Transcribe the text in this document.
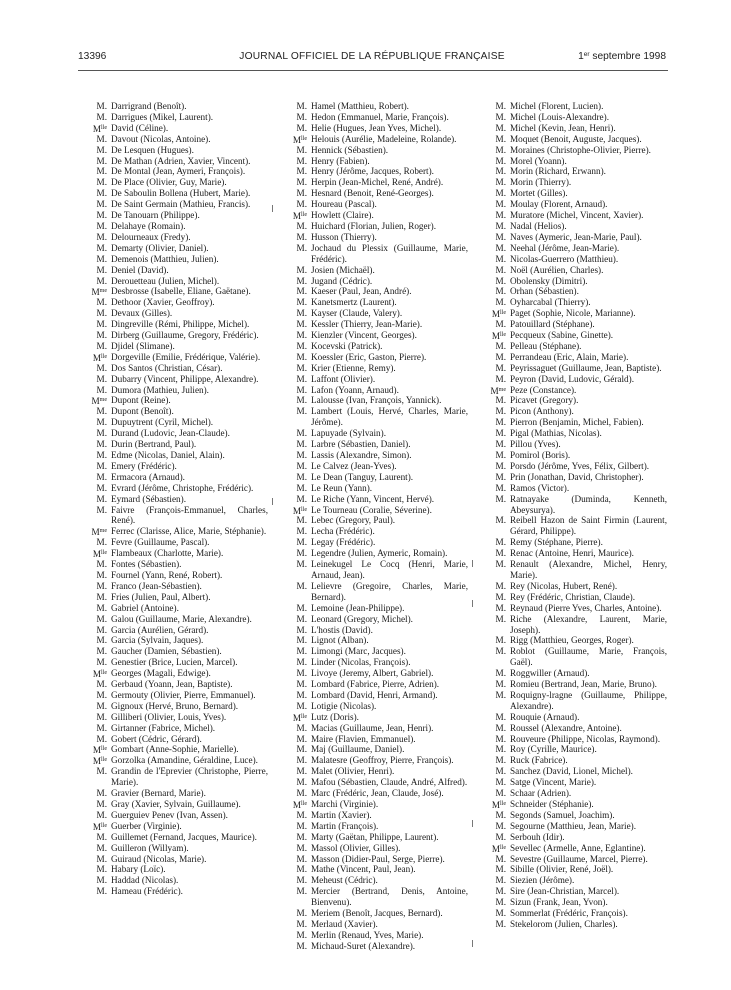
13396	JOURNAL OFFICIEL DE LA RÉPUBLIQUE FRANÇAISE	1er septembre 1998
M. Darrigrand (Benoît).
M. Darrigues (Mikel, Laurent).
$M^{lle}$ David (Céline).
M. Davout (Nicolas, Antoine).
M. De Lesquen (Hugues).
M. De Mathan (Adrien, Xavier, Vincent).
M. De Montal (Jean, Aymeri, François).
M. De Place (Olivier, Guy, Marie).
M. De Saboulin Bollena (Hubert, Marie).
M. De Saint Germain (Mathieu, Francis).
M. De Tanouarn (Philippe).
M. Delahaye (Romain).
M. Delourneaux (Fredy).
M. Demarty (Olivier, Daniel).
M. Demenois (Matthieu, Julien).
M. Deniel (David).
M. Derouetteau (Julien, Michel).
$M^{me}$ Desbrosse (Isabelle, Eliane, Gaëtane).
M. Dethoor (Xavier, Geoffroy).
M. Devaux (Gilles).
M. Dingreville (Rémi, Philippe, Michel).
M. Dirberg (Guillaume, Gregory, Frédéric).
M. Djidel (Slimane).
$M^{lle}$ Dorgeville (Emilie, Frédérique, Valérie).
M. Dos Santos (Christian, César).
M. Dubarry (Vincent, Philippe, Alexandre).
M. Dumora (Mathieu, Julien).
$M^{me}$ Dupont (Reine).
M. Dupont (Benoît).
M. Dupuytrent (Cyril, Michel).
M. Durand (Ludovic, Jean-Claude).
M. Durin (Bertrand, Paul).
M. Edme (Nicolas, Daniel, Alain).
M. Emery (Frédéric).
M. Ermacora (Arnaud).
M. Evrard (Jérôme, Christophe, Frédéric).
M. Eymard (Sébastien).
M. Faivre (François-Emmanuel, Charles, René).
$M^{me}$ Ferrec (Clarisse, Alice, Marie, Stéphanie).
M. Fevre (Guillaume, Pascal).
$M^{lle}$ Flambeaux (Charlotte, Marie).
M. Fontes (Sébastien).
M. Fournel (Yann, René, Robert).
M. Franco (Jean-Sébastien).
M. Fries (Julien, Paul, Albert).
M. Gabriel (Antoine).
M. Galou (Guillaume, Marie, Alexandre).
M. Garcia (Aurélien, Gérard).
M. Garcia (Sylvain, Jaques).
M. Gaucher (Damien, Sébastien).
M. Genestier (Brice, Lucien, Marcel).
$M^{lle}$ Georges (Magali, Edwige).
M. Gerbaud (Yoann, Jean, Baptiste).
M. Germouty (Olivier, Pierre, Emmanuel).
M. Gignoux (Hervé, Bruno, Bernard).
M. Gilliberi (Olivier, Louis, Yves).
M. Girtanner (Fabrice, Michel).
M. Gobert (Cédric, Gérard).
$M^{lle}$ Gombart (Anne-Sophie, Marielle).
$M^{lle}$ Gorzolka (Amandine, Géraldine, Luce).
M. Grandin de l'Eprevier (Christophe, Pierre, Marie).
M. Gravier (Bernard, Marie).
M. Gray (Xavier, Sylvain, Guillaume).
M. Guerguiev Penev (Ivan, Assen).
$M^{lle}$ Guerber (Virginie).
M. Guillemet (Fernand, Jacques, Maurice).
M. Guilleron (Willyam).
M. Guiraud (Nicolas, Marie).
M. Habary (Loïc).
M. Haddad (Nicolas).
M. Hameau (Frédéric).
M. Hamel (Matthieu, Robert).
M. Hedon (Emmanuel, Marie, François).
M. Helie (Hugues, Jean Yves, Michel).
$M^{lle}$ Helouis (Aurélie, Madeleine, Rolande).
M. Hennick (Sébastien).
M. Henry (Fabien).
M. Henry (Jérôme, Jacques, Robert).
M. Herpin (Jean-Michel, René, André).
M. Hesnard (Benoit, René-Georges).
M. Houreau (Pascal).
$M^{lle}$ Howlett (Claire).
M. Huichard (Florian, Julien, Roger).
M. Husson (Thierry).
M. Jochaud du Plessix (Guillaume, Marie, Frédéric).
M. Josien (Michaël).
M. Jugand (Cédric).
M. Kaeser (Paul, Jean, André).
M. Kanetsmertz (Laurent).
M. Kayser (Claude, Valery).
M. Kessler (Thierry, Jean-Marie).
M. Kienzler (Vincent, Georges).
M. Kocevski (Patrick).
M. Koessler (Eric, Gaston, Pierre).
M. Krier (Etienne, Remy).
M. Laffont (Olivier).
M. Lafon (Yoann, Arnaud).
M. Lalousse (Ivan, François, Yannick).
M. Lambert (Louis, Hervé, Charles, Marie, Jérôme).
M. Lapuyade (Sylvain).
M. Larbre (Sébastien, Daniel).
M. Lassis (Alexandre, Simon).
M. Le Calvez (Jean-Yves).
M. Le Dean (Tanguy, Laurent).
M. Le Reun (Yann).
M. Le Riche (Yann, Vincent, Hervé).
$M^{lle}$ Le Tourneau (Coralie, Séverine).
M. Lebec (Gregory, Paul).
M. Lecha (Frédéric).
M. Legay (Frédéric).
M. Legendre (Julien, Aymeric, Romain).
M. Leinekugel Le Cocq (Henri, Marie, Arnaud, Jean).
M. Lelievre (Gregoire, Charles, Marie, Bernard).
M. Lemoine (Jean-Philippe).
M. Leonard (Gregory, Michel).
M. L'hostis (David).
M. Lignot (Alban).
M. Limongi (Marc, Jacques).
M. Linder (Nicolas, François).
M. Livoye (Jeremy, Albert, Gabriel).
M. Lombard (Fabrice, Pierre, Adrien).
M. Lombard (David, Henri, Armand).
M. Lotigie (Nicolas).
$M^{lle}$ Lutz (Doris).
M. Macias (Guillaume, Jean, Henri).
M. Maire (Flavien, Emmanuel).
M. Maj (Guillaume, Daniel).
M. Malatesre (Geoffroy, Pierre, François).
M. Malet (Olivier, Henri).
M. Mafou (Sébastien, Claude, André, Alfred).
M. Marc (Frédéric, Jean, Claude, José).
$M^{lle}$ Marchi (Virginie).
M. Martin (Xavier).
M. Martin (François).
M. Marty (Gaëtan, Philippe, Laurent).
M. Massol (Olivier, Gilles).
M. Masson (Didier-Paul, Serge, Pierre).
M. Mathe (Vincent, Paul, Jean).
M. Meheust (Cédric).
M. Mercier (Bertrand, Denis, Antoine, Bienvenu).
M. Meriem (Benoît, Jacques, Bernard).
M. Merlaud (Xavier).
M. Merlin (Renaud, Yves, Marie).
M. Michaud-Suret (Alexandre).
M. Michel (Florent, Lucien).
M. Michel (Louis-Alexandre).
M. Michel (Kevin, Jean, Henri).
M. Moquet (Benoit, Auguste, Jacques).
M. Moraines (Christophe-Olivier, Pierre).
M. Morel (Yoann).
M. Morin (Richard, Erwann).
M. Morin (Thierry).
M. Mortet (Gilles).
M. Moulay (Florent, Arnaud).
M. Muratore (Michel, Vincent, Xavier).
M. Nadal (Helios).
M. Naves (Aymeric, Jean-Marie, Paul).
M. Neehal (Jérôme, Jean-Marie).
M. Nicolas-Guerrero (Matthieu).
M. Noël (Aurélien, Charles).
M. Obolensky (Dimitri).
M. Orhan (Sébastien).
M. Oyharcabal (Thierry).
$M^{lle}$ Paget (Sophie, Nicole, Marianne).
M. Patouillard (Stéphane).
$M^{lle}$ Pecqueux (Sabine, Ginette).
M. Pelleau (Stéphane).
M. Perrandeau (Eric, Alain, Marie).
M. Peyrissaguet (Guillaume, Jean, Baptiste).
M. Peyron (David, Ludovic, Gérald).
$M^{me}$ Peze (Constance).
M. Picavet (Gregory).
M. Picon (Anthony).
M. Pierron (Benjamin, Michel, Fabien).
M. Pigal (Mathias, Nicolas).
M. Pillou (Yves).
M. Pomirol (Boris).
M. Porsdo (Jérôme, Yves, Félix, Gilbert).
M. Prin (Jonathan, David, Christopher).
M. Ramos (Victor).
M. Ratnayake (Duminda, Kenneth, Abeysurya).
M. Reibell Hazon de Saint Firmin (Laurent, Gérard, Philippe).
M. Remy (Stéphane, Pierre).
M. Renac (Antoine, Henri, Maurice).
M. Renault (Alexandre, Michel, Henry, Marie).
M. Rey (Nicolas, Hubert, René).
M. Rey (Frédéric, Christian, Claude).
M. Reynaud (Pierre Yves, Charles, Antoine).
M. Riche (Alexandre, Laurent, Marie, Joseph).
M. Rigg (Matthieu, Georges, Roger).
M. Roblot (Guillaume, Marie, François, Gaël).
M. Roggwiller (Arnaud).
M. Romieu (Bertrand, Jean, Marie, Bruno).
M. Roquigny-lragne (Guillaume, Philippe, Alexandre).
M. Rouquie (Arnaud).
M. Roussel (Alexandre, Antoine).
M. Rouveure (Philippe, Nicolas, Raymond).
M. Roy (Cyrille, Maurice).
M. Ruck (Fabrice).
M. Sanchez (David, Lionel, Michel).
M. Satge (Vincent, Marie).
M. Schaar (Adrien).
$M^{lle}$ Schneider (Stéphanie).
M. Segonds (Samuel, Joachim).
M. Segourne (Matthieu, Jean, Marie).
M. Serbouh (Idir).
$M^{lle}$ Sevellec (Armelle, Anne, Eglantine).
M. Sevestre (Guillaume, Marcel, Pierre).
M. Sibille (Olivier, René, Joël).
M. Siezien (Jérôme).
M. Sire (Jean-Christian, Marcel).
M. Sizun (Frank, Jean, Yvon).
M. Sommerlat (Frédéric, François).
M. Stekelorom (Julien, Charles).
